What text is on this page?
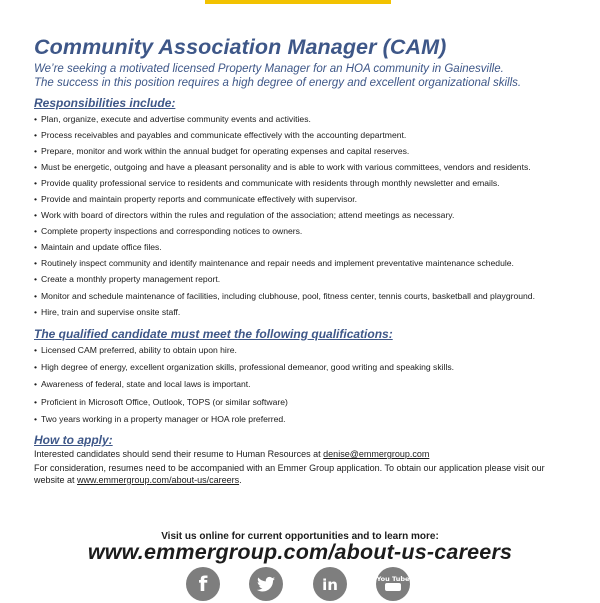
Community Association Manager (CAM)

We’re seeking a motivated licensed Property Manager for an HOA community in Gainesville.

The success in this position requires a high degree of energy and excellent organizational skills.

Responsibilities include:
• Plan, organize, execute and advertise community events and activities.
• Process receivables and payables and communicate effectively with the accounting department.
• Prepare, monitor and work within the annual budget for operating expenses and capital reserves.
• Must be energetic, outgoing and have a pleasant personality and is able to work with various committees, vendors and residents.
• Provide quality professional service to residents and communicate with residents through monthly newsletter and emails.
• Provide and maintain property reports and communicate effectively with supervisor.
• Work with board of directors within the rules and regulation of the association; attend meetings as necessary.
• Complete property inspections and corresponding notices to owners.
• Maintain and update office files.
• Routinely inspect community and identify maintenance and repair needs and implement preventative maintenance schedule.
• Create a monthly property management report.
• Monitor and schedule maintenance of facilities, including clubhouse, pool, fitness center, tennis courts, basketball and playground.
• Hire, train and supervise onsite staff.
The qualified candidate must meet the following qualifications:
• Licensed CAM preferred, ability to obtain upon hire.
• High degree of energy, excellent organization skills, professional demeanor, good writing and speaking skills.
• Awareness of federal, state and local laws is important.
• Proficient in Microsoft Office, Outlook, TOPS (or similar software)
• Two years working in a property manager or HOA role preferred.
How to apply:

Interested candidates should send their resume to Human Resources at denise@emmergroup.com

For consideration, resumes need to be accompanied with an Emmer Group application. To obtain our application please visit our website at www.emmergroup.com/about-us/careers.

Visit us online for current opportunities and to learn more:

www.emmergroup.com/about-us-careers

f	in	You Tube
